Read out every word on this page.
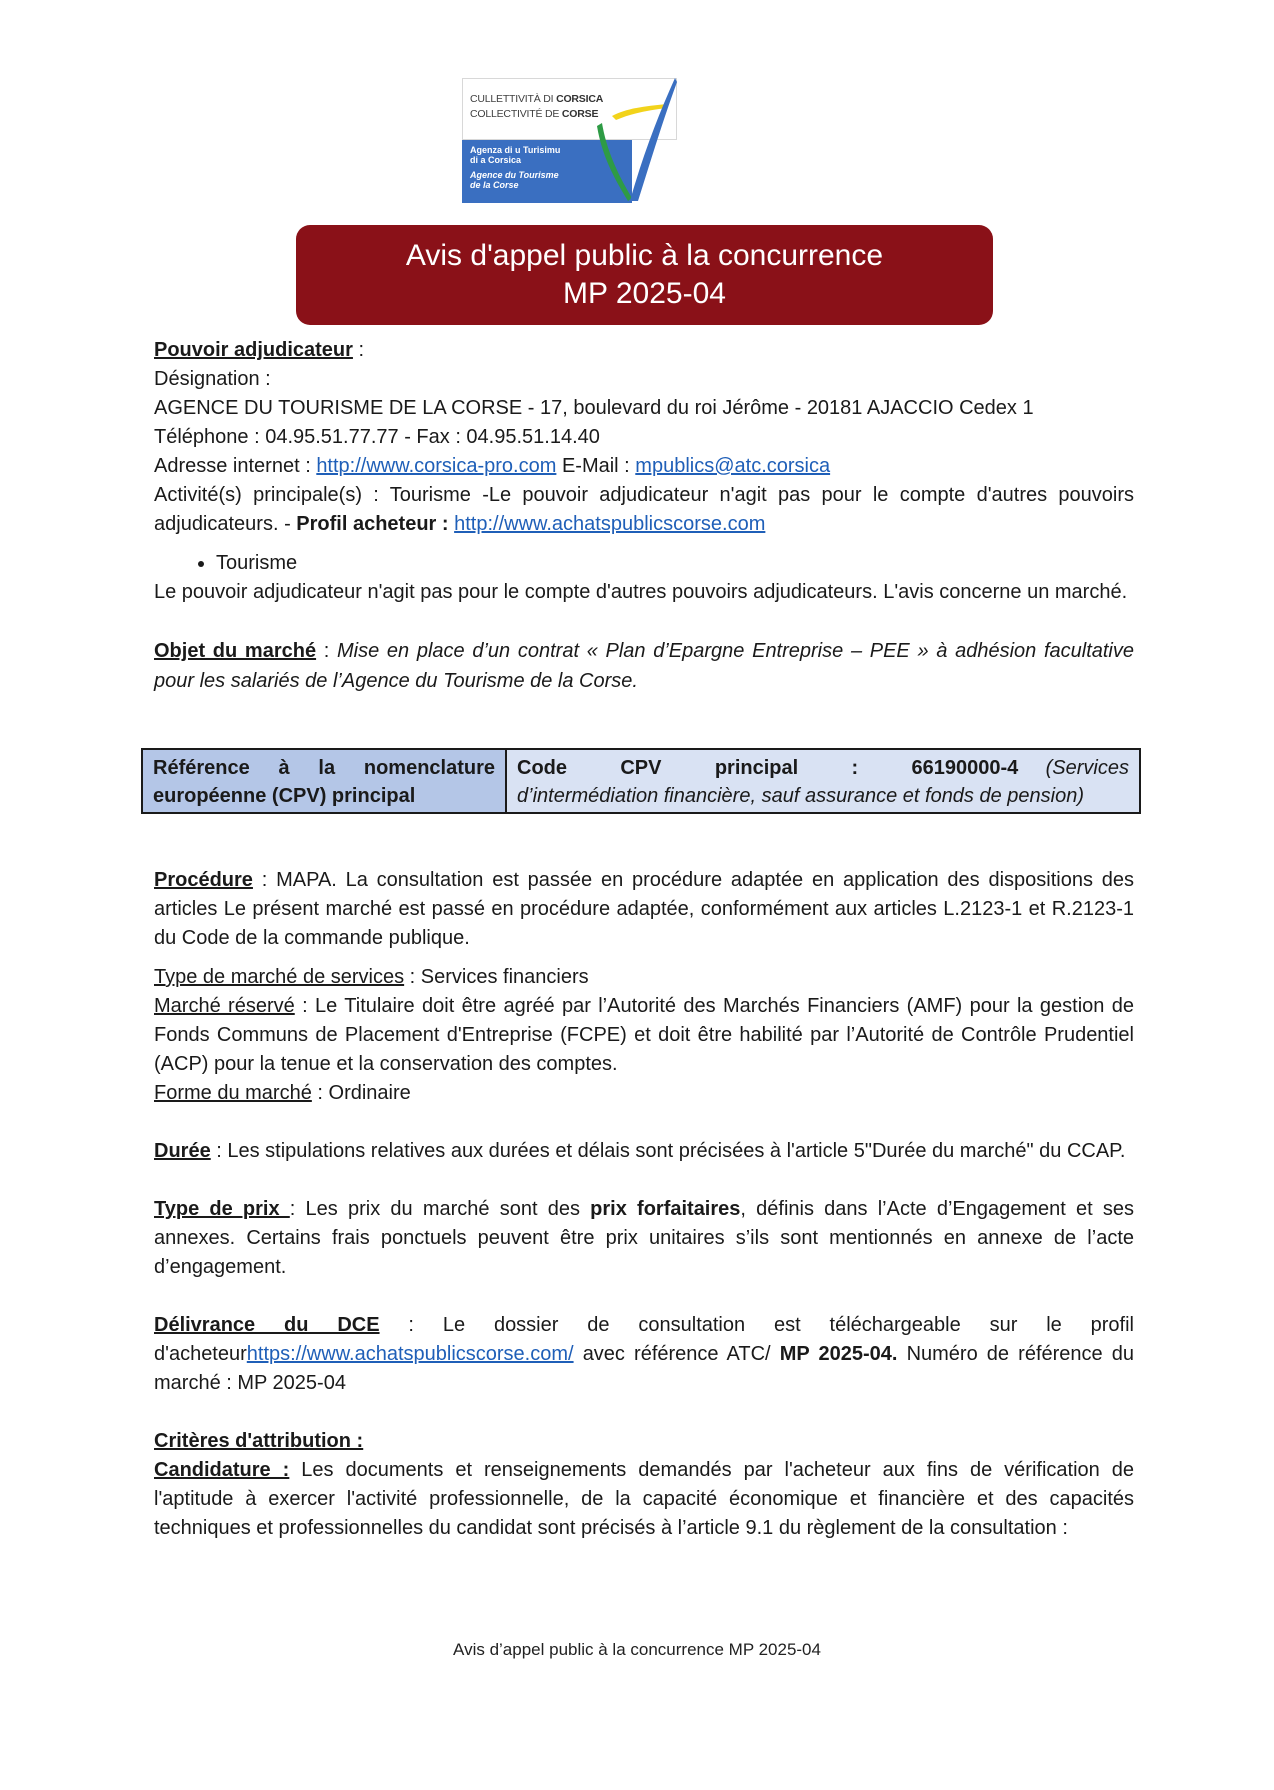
CULLETTIVITÀ DI CORSICA
COLLECTIVITÉ DE CORSE
Agenza di u Turisimu
di a Corsica
Agence du Tourisme
de la Corse
Avis d'appel public à la concurrence
MP 2025-04

Pouvoir adjudicateur :

Désignation :

AGENCE DU TOURISME DE LA CORSE - 17, boulevard du roi Jérôme - 20181 AJACCIO Cedex 1

Téléphone : 04.95.51.77.77 - Fax : 04.95.51.14.40

Adresse internet : http://www.corsica-pro.com E-Mail : mpublics@atc.corsica

Activité(s) principale(s) : Tourisme -Le pouvoir adjudicateur n'agit pas pour le compte d'autres pouvoirs adjudicateurs. - Profil acheteur : http://www.achatspublicscorse.com

• Tourisme

Le pouvoir adjudicateur n'agit pas pour le compte d'autres pouvoirs adjudicateurs. L'avis concerne un marché.

Objet du marché : Mise en place d’un contrat « Plan d’Epargne Entreprise – PEE » à adhésion facultative pour les salariés de l’Agence du Tourisme de la Corse.

Référence à la nomenclature européenne (CPV) principal	Code CPV principal : 66190000-4 (Services d’intermédiation financière, sauf assurance et fonds de pension)

Procédure : MAPA. La consultation est passée en procédure adaptée en application des dispositions des articles Le présent marché est passé en procédure adaptée, conformément aux articles L.2123-1 et R.2123-1 du Code de la commande publique.

Type de marché de services : Services financiers

Marché réservé : Le Titulaire doit être agréé par l’Autorité des Marchés Financiers (AMF) pour la gestion de Fonds Communs de Placement d'Entreprise (FCPE) et doit être habilité par l’Autorité de Contrôle Prudentiel (ACP) pour la tenue et la conservation des comptes.

Forme du marché : Ordinaire

Durée : Les stipulations relatives aux durées et délais sont précisées à l'article 5"Durée du marché" du CCAP.

Type de prix : Les prix du marché sont des prix forfaitaires, définis dans l’Acte d’Engagement et ses annexes. Certains frais ponctuels peuvent être prix unitaires s’ils sont mentionnés en annexe de l’acte d’engagement.

Délivrance du DCE : Le dossier de consultation est téléchargeable sur le profil d'acheteurhttps://www.achatspublicscorse.com/ avec référence ATC/ MP 2025-04. Numéro de référence du marché : MP 2025-04

Critères d'attribution :

Candidature : Les documents et renseignements demandés par l'acheteur aux fins de vérification de l'aptitude à exercer l'activité professionnelle, de la capacité économique et financière et des capacités techniques et professionnelles du candidat sont précisés à l’article 9.1 du règlement de la consultation :

Avis d’appel public à la concurrence MP 2025-04
